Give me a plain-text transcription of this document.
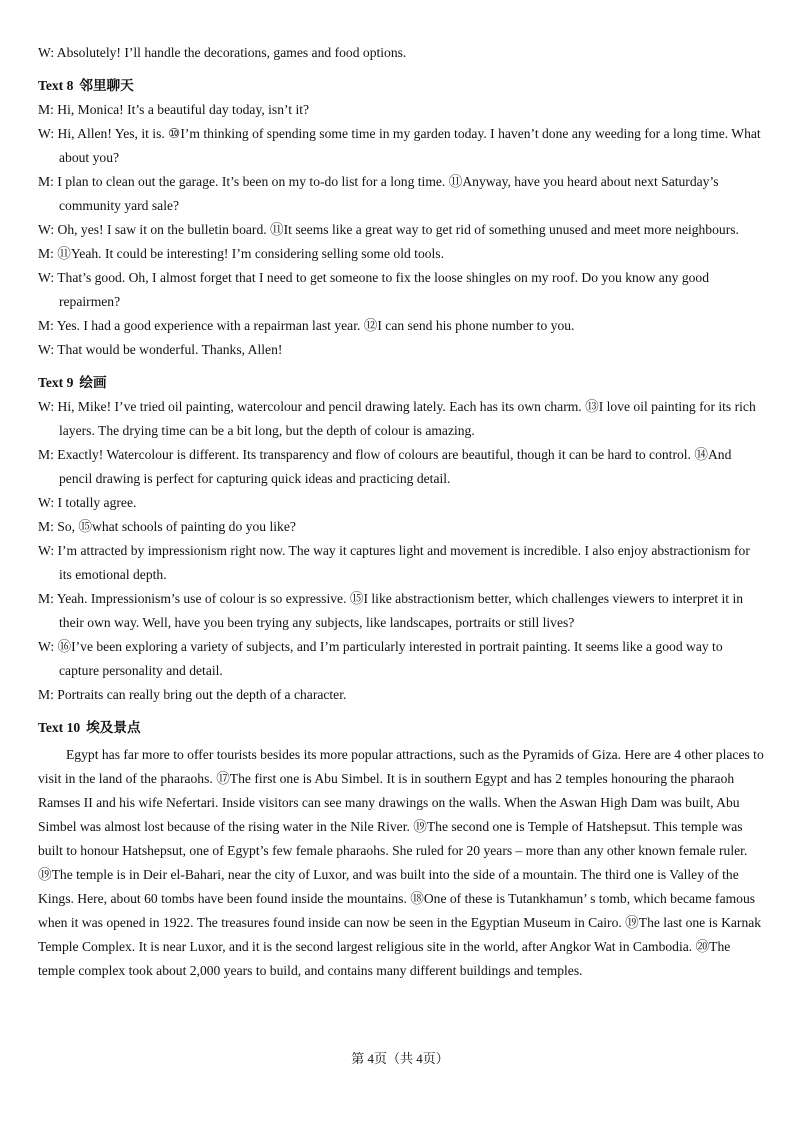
W: Absolutely! I’ll handle the decorations, games and food options.
Text 8 邻里聊天
M: Hi, Monica! It’s a beautiful day today, isn’t it?
W: Hi, Allen! Yes, it is. ⑩I’m thinking of spending some time in my garden today. I haven’t done any weeding for a long time. What about you?
M: I plan to clean out the garage. It’s been on my to-do list for a long time. ⑪Anyway, have you heard about next Saturday’s community yard sale?
W: Oh, yes! I saw it on the bulletin board. ⑪It seems like a great way to get rid of something unused and meet more neighbours.
M: ⑪Yeah. It could be interesting! I’m considering selling some old tools.
W: That’s good. Oh, I almost forget that I need to get someone to fix the loose shingles on my roof. Do you know any good repairmen?
M: Yes. I had a good experience with a repairman last year. ⑫I can send his phone number to you.
W: That would be wonderful. Thanks, Allen!
Text 9 绘画
W: Hi, Mike! I’ve tried oil painting, watercolour and pencil drawing lately. Each has its own charm. ⑬I love oil painting for its rich layers. The drying time can be a bit long, but the depth of colour is amazing.
M: Exactly! Watercolour is different. Its transparency and flow of colours are beautiful, though it can be hard to control. ⑭And pencil drawing is perfect for capturing quick ideas and practicing detail.
W: I totally agree.
M: So, ⑮what schools of painting do you like?
W: I’m attracted by impressionism right now. The way it captures light and movement is incredible. I also enjoy abstractionism for its emotional depth.
M: Yeah. Impressionism’s use of colour is so expressive. ⑮I like abstractionism better, which challenges viewers to interpret it in their own way. Well, have you been trying any subjects, like landscapes, portraits or still lives?
W: ⑯I’ve been exploring a variety of subjects, and I’m particularly interested in portrait painting. It seems like a good way to capture personality and detail.
M: Portraits can really bring out the depth of a character.
Text 10 埃及景点
Egypt has far more to offer tourists besides its more popular attractions, such as the Pyramids of Giza. Here are 4 other places to visit in the land of the pharaohs. ⑰The first one is Abu Simbel. It is in southern Egypt and has 2 temples honouring the pharaoh Ramses II and his wife Nefertari. Inside visitors can see many drawings on the walls. When the Aswan High Dam was built, Abu Simbel was almost lost because of the rising water in the Nile River. ⑲The second one is Temple of Hatshepsut. This temple was built to honour Hatshepsut, one of Egypt’s few female pharaohs. She ruled for 20 years – more than any other known female ruler. ⑲The temple is in Deir el-Bahari, near the city of Luxor, and was built into the side of a mountain. The third one is Valley of the Kings. Here, about 60 tombs have been found inside the mountains. ⑱One of these is Tutankhamun’ s tomb, which became famous when it was opened in 1922. The treasures found inside can now be seen in the Egyptian Museum in Cairo. ⑲The last one is Karnak Temple Complex. It is near Luxor, and it is the second largest religious site in the world, after Angkor Wat in Cambodia. ⑳The temple complex took about 2,000 years to build, and contains many different buildings and temples.
第 4页（共 4页）
